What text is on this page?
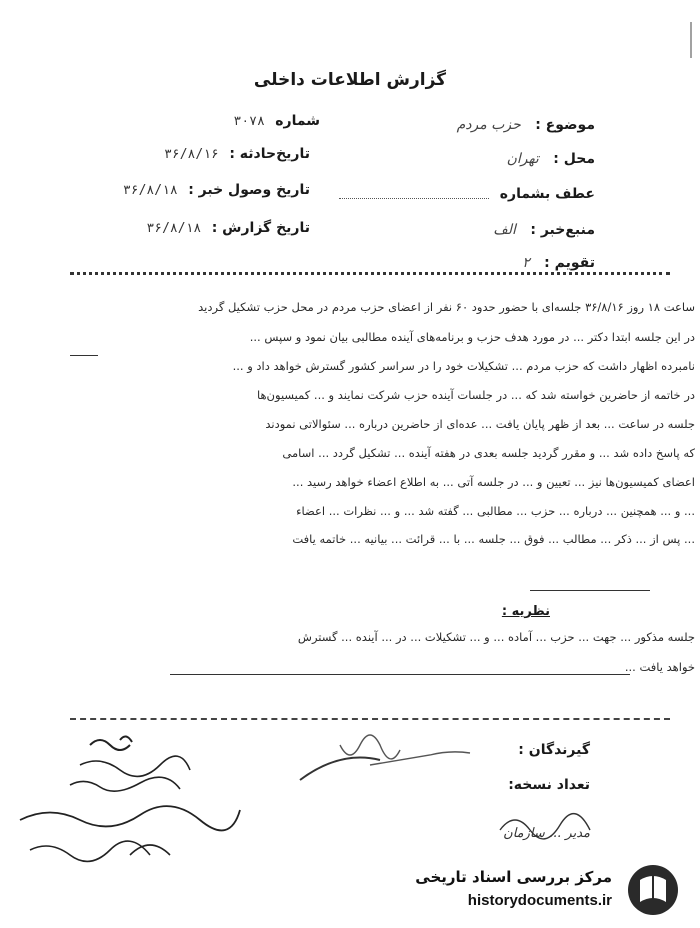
گزارش اطلاعات داخلی
شماره ۳۰۷۸
تاریخ‌حادثه : ۳۶/۸/۱۶
تاریخ وصول خبر : ۳۶/۸/۱۸
تاریخ گزارش : ۳۶/۸/۱۸
موضوع : حزب مردم
محل : تهران
عطف بشماره
منبع‌خبر : الف
تقویم : ۲
ساعت ۱۸ روز ۳۶/۸/۱۶ جلسه‌ای با حضور حدود ۶۰ نفر از اعضای حزب مردم در محل حزب تشکیل گردید
در این جلسه ابتدا دکتر ... در مورد هدف حزب و برنامه‌های آینده مطالبی بیان نمود و سپس ...
نامبرده اظهار داشت که حزب مردم ... تشکیلات خود را در سراسر کشور گسترش خواهد داد و ...
در خاتمه از حاضرین خواسته شد که ... در جلسات آینده حزب شرکت نمایند و ... کمیسیون‌ها
جلسه در ساعت ... بعد از ظهر پایان یافت ... عده‌ای از حاضرین درباره ... سئوالاتی نمودند
که پاسخ داده شد ... و مقرر گردید جلسه بعدی در هفته آینده ... تشکیل گردد ... اسامی
اعضای کمیسیون‌ها نیز ... تعیین و ... در جلسه آتی ... به اطلاع اعضاء خواهد رسید ...
... و ... همچنین ... درباره ... حزب ... مطالبی ... گفته شد ... و ... نظرات ... اعضاء
... پس از ... ذکر ... مطالب ... فوق ... جلسه ... با ... قرائت ... بیانیه ... خاتمه یافت
نظریه :
جلسه مذکور ... جهت ... حزب ... آماده ... و ... تشکیلات ... در ... آینده ... گسترش
خواهد یافت ...
گیرندگان :
تعداد نسخه:
مدیر ... سازمان
مرکز بررسی اسناد تاریخی
historydocuments.ir
